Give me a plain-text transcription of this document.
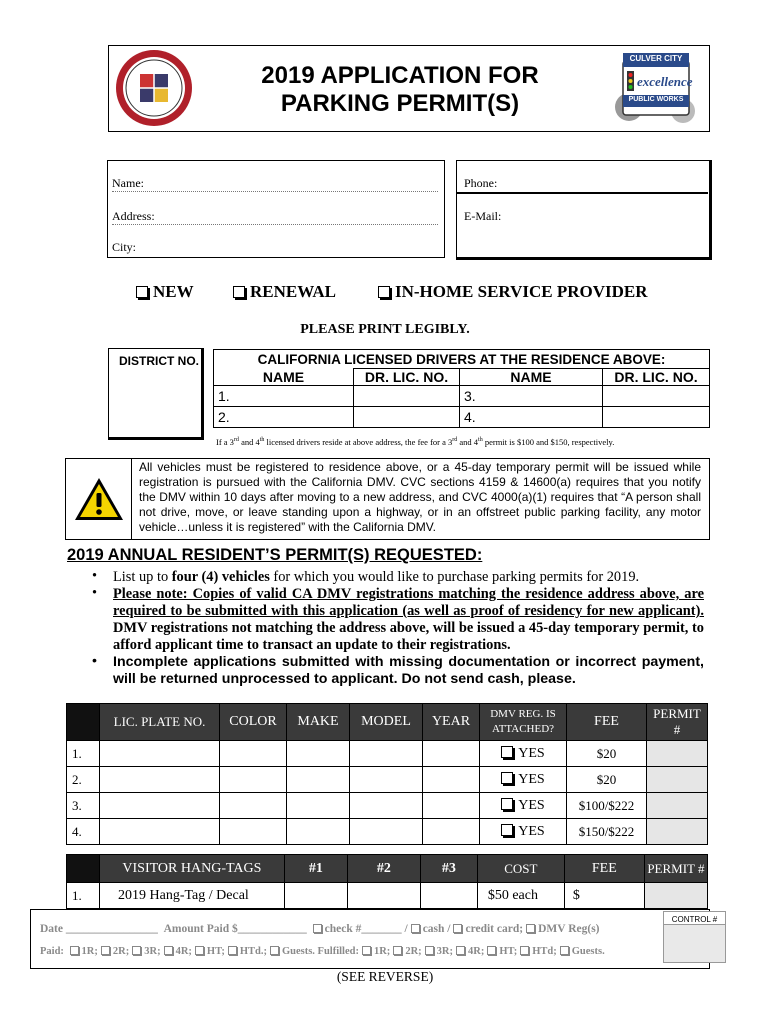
2019 APPLICATION FOR
PARKING PERMIT(S)
CULVER CITY
excellence
PUBLIC WORKS
Name:
Address:
City:
Phone:
E-Mail:
NEW	RENEWAL	IN-HOME SERVICE PROVIDER
PLEASE PRINT LEGIBLY.
DISTRICT NO.	CALIFORNIA LICENSED DRIVERS AT THE RESIDENCE ABOVE:			
NAME	DR. LIC. NO.	NAME	DR. LIC. NO.
1.		3.	
2.		4.	
If a 3rd and 4th licensed drivers reside at above address, the fee for a 3rd and 4th permit is $100 and $150, respectively.
All vehicles must be registered to residence above, or a 45-day temporary permit will be issued while registration is pursued with the California DMV. CVC sections 4159 & 14600(a) requires that you notify the DMV within 10 days after moving to a new address, and CVC 4000(a)(1) requires that “A person shall not drive, move, or leave standing upon a highway, or in an offstreet public parking facility, any motor vehicle…unless it is registered” with the California DMV.
2019 ANNUAL RESIDENT’S PERMIT(S) REQUESTED:
• List up to four (4) vehicles for which you would like to purchase parking permits for 2019.
• Please note: Copies of valid CA DMV registrations matching the residence address above, are required to be submitted with this application (as well as proof of residency for new applicant). DMV registrations not matching the address above, will be issued a 45-day temporary permit, to afford applicant time to transact an update to their registrations.
• Incomplete applications submitted with missing documentation or incorrect payment, will be returned unprocessed to applicant. Do not send cash, please.
	LIC. PLATE NO.	COLOR	MAKE	MODEL	YEAR	DMV REG. IS
ATTACHED?	FEE	PERMIT #
1.						YES	$20	
2.						YES	$20	
3.						YES	$100/$222	
4.						YES	$150/$222	
	VISITOR HANG-TAGS	#1	#2	#3	COST	FEE	PERMIT #
1.	2019 Hang-Tag / Decal				$50 each	$	
Date ________________ Amount Paid $____________ check #_______ / cash / credit card; DMV Reg(s)
Paid: 1R; 2R; 3R; 4R; HT; HTd.; Guests. Fulfilled: 1R; 2R; 3R; 4R; HT; HTd; Guests.
CONTROL #
(SEE REVERSE)
